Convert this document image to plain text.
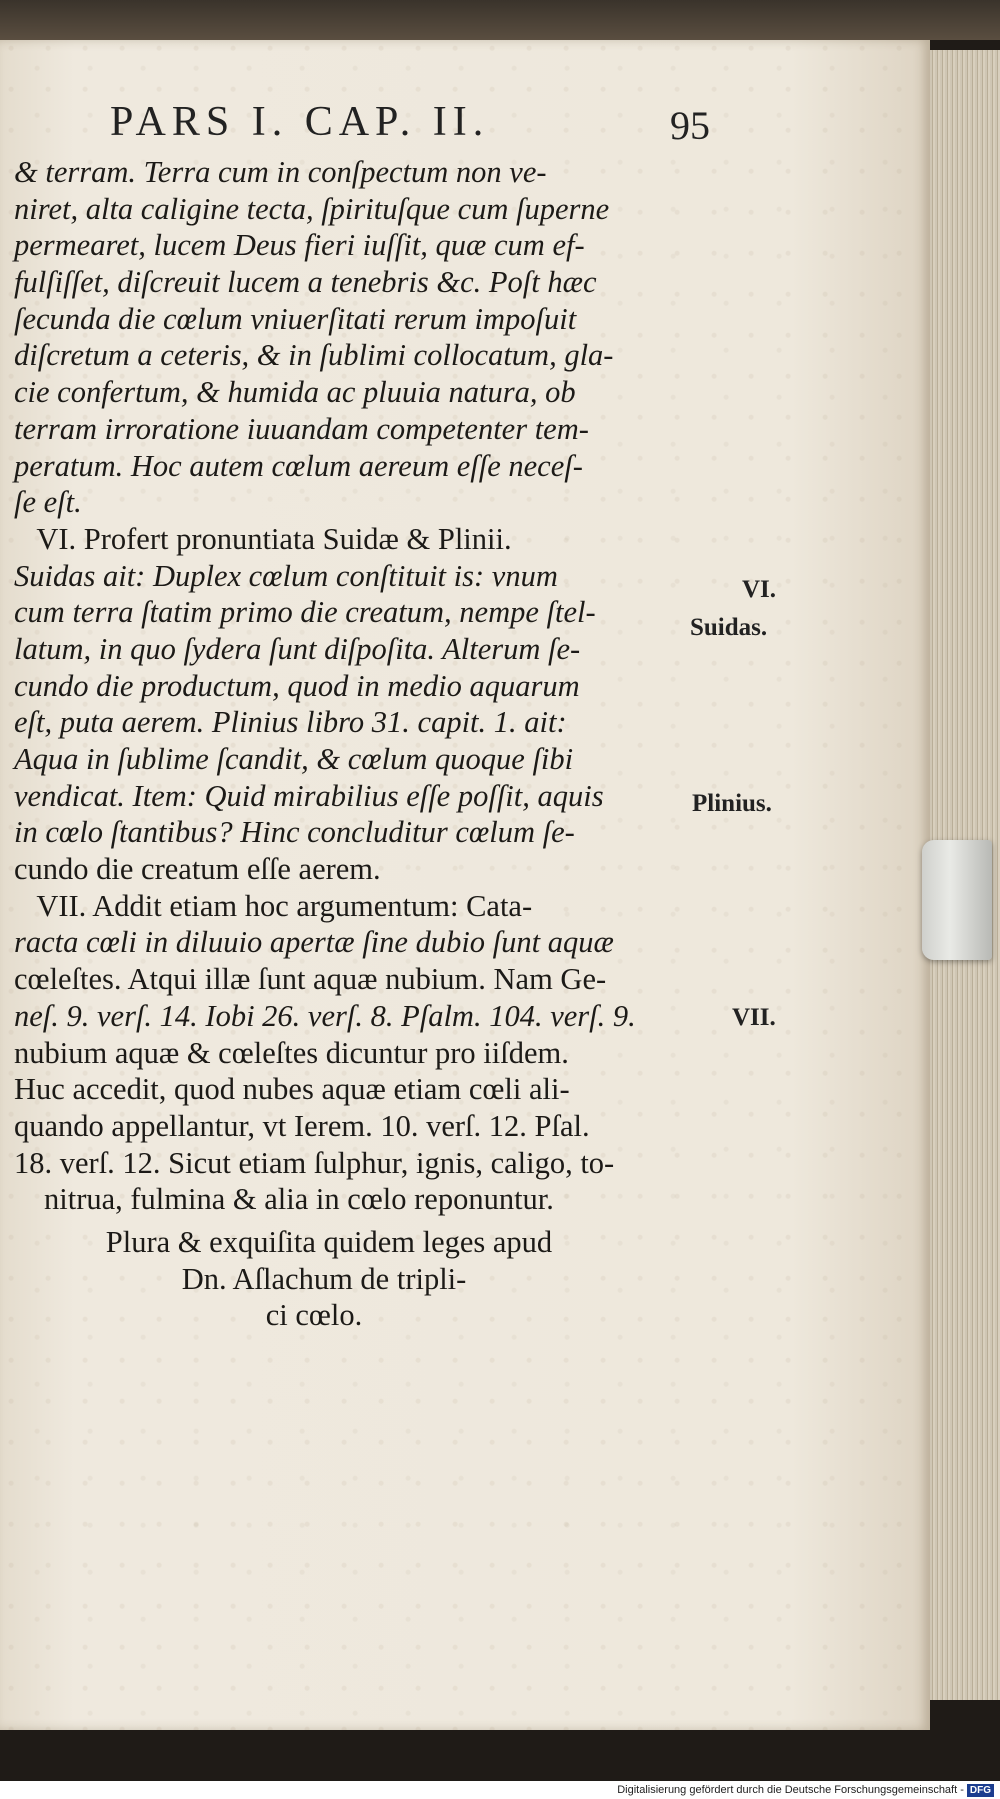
PARS I. CAP. II.	95
& terram. Terra cum in conſpectum non ve-
niret, alta caligine tecta, ſpirituſque cum ſuperne
permearet, lucem Deus fieri iuſſit, quæ cum ef-
fulſiſſet, diſcreuit lucem a tenebris &c. Poſt hæc
ſecunda die cœlum vniuerſitati rerum impoſuit
diſcretum a ceteris, & in ſublimi collocatum, gla-
cie confertum, & humida ac pluuia natura, ob
terram irroratione iuuandam competenter tem-
peratum. Hoc autem cœlum aereum eſſe neceſ-
ſe eſt.
VI. Profert pronuntiata Suidæ & Plinii.
Suidas ait: Duplex cœlum conſtituit is: vnum
cum terra ſtatim primo die creatum, nempe ſtel-
latum, in quo ſydera ſunt diſpoſita. Alterum ſe-
cundo die productum, quod in medio aquarum
eſt, puta aerem. Plinius libro 31. capit. 1. ait:
Aqua in ſublime ſcandit, & cœlum quoque ſibi
vendicat. Item: Quid mirabilius eſſe poſſit, aquis
in cœlo ſtantibus? Hinc concluditur cœlum ſe-
cundo die creatum eſſe aerem.
VII. Addit etiam hoc argumentum: Cata-
racta cœli in diluuio apertæ ſine dubio ſunt aquæ
cœleſtes. Atqui illæ ſunt aquæ nubium. Nam Ge-
neſ. 9. verſ. 14. Iobi 26. verſ. 8. Pſalm. 104. verſ. 9.
nubium aquæ & cœleſtes dicuntur pro iiſdem.
Huc accedit, quod nubes aquæ etiam cœli ali-
quando appellantur, vt Ierem. 10. verſ. 12. Pſal.
18. verſ. 12. Sicut etiam ſulphur, ignis, caligo, to-
nitrua, fulmina & alia in cœlo reponuntur.
Plura & exquiſita quidem leges apud
Dn. Aſlachum de tripli-
ci cœlo.
VI.
Suidas.
Plinius.
VII.
Digitalisierung gefördert durch die Deutsche Forschungsgemeinschaft - DFG
